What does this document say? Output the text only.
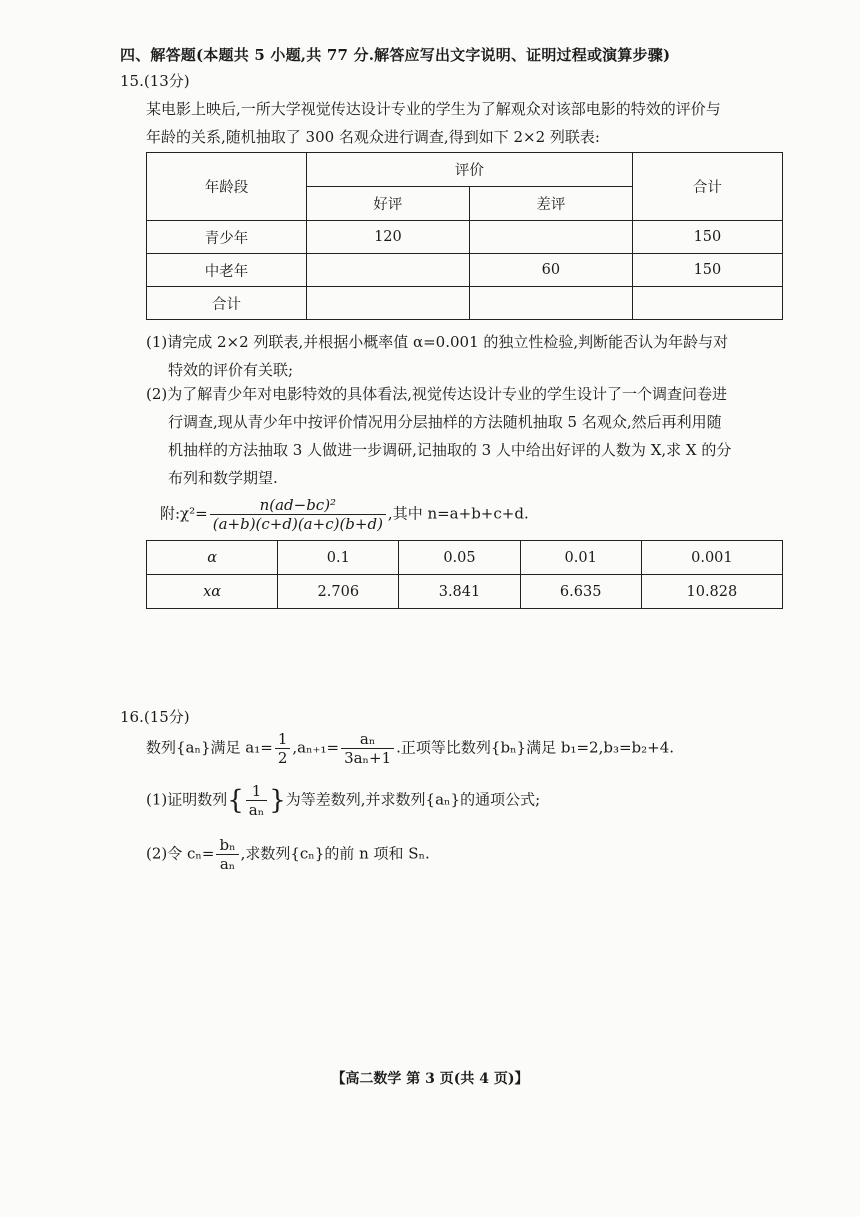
四、解答题(本题共 5 小题,共 77 分.解答应写出文字说明、证明过程或演算步骤)
15.(13分)
某电影上映后,一所大学视觉传达设计专业的学生为了解观众对该部电影的特效的评价与
年龄的关系,随机抽取了 300 名观众进行调查,得到如下 2×2 列联表:
年龄段	评价		合计
	好评	差评	
青少年	120		150
中老年		60	150
合计			
(1)请完成 2×2 列联表,并根据小概率值 α=0.001 的独立性检验,判断能否认为年龄与对
特效的评价有关联;
(2)为了解青少年对电影特效的具体看法,视觉传达设计专业的学生设计了一个调查问卷进
行调查,现从青少年中按评价情况用分层抽样的方法随机抽取 5 名观众,然后再利用随
机抽样的方法抽取 3 人做进一步调研,记抽取的 3 人中给出好评的人数为 X,求 X 的分
布列和数学期望.
附:χ²= $\frac{\text{n(ad−bc)²}}{(a+b)(c+d)(a+c)(b+d)}$ ,其中 n=a+b+c+d.
α	0.1	0.05	0.01	0.001
xα	2.706	3.841	6.635	10.828
16.(15分)
数列{aₙ}满足 $a_1= \frac{1}{2} ,a_{n+1}= \frac{\text{aₙ}}{\text{3aₙ+1}}$ .正项等比数列{bₙ}满足 b₁=2,b₃=b₂+4.
(1)证明数列{ $\frac{1}{\text{aₙ}}$ }为等差数列,并求数列{aₙ}的通项公式;
(2)令 $c_n= \frac{\text{bₙ}}{\text{aₙ}}$ ,求数列{cₙ}的前 n 项和 Sₙ.
【高二数学 第 3 页(共 4 页)】
